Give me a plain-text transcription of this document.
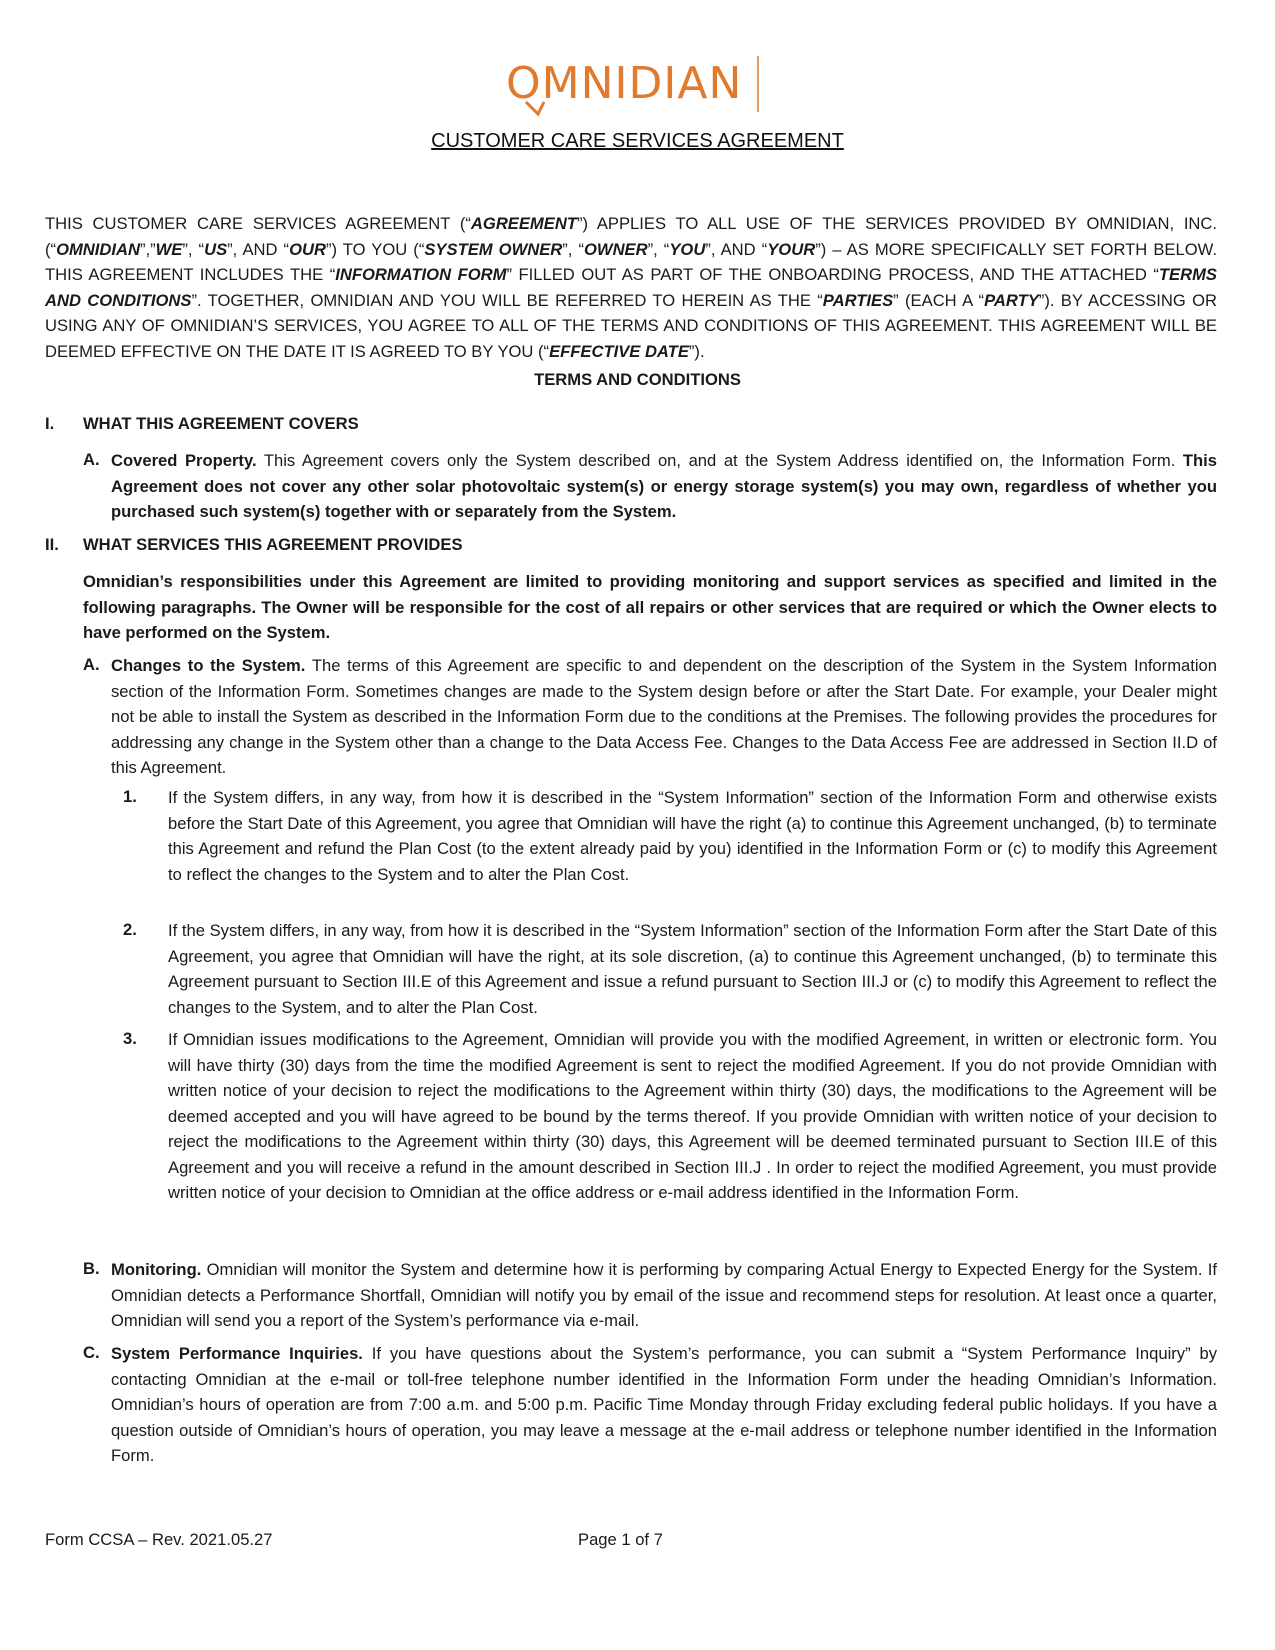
OMNIDIAN
CUSTOMER CARE SERVICES AGREEMENT
THIS CUSTOMER CARE SERVICES AGREEMENT (“AGREEMENT”) APPLIES TO ALL USE OF THE SERVICES PROVIDED BY OMNIDIAN, INC. (“OMNIDIAN”,”WE”, “US”, AND “OUR”) TO YOU (“SYSTEM OWNER”, “OWNER”, “YOU”, AND “YOUR”) – AS MORE SPECIFICALLY SET FORTH BELOW. THIS AGREEMENT INCLUDES THE “INFORMATION FORM” FILLED OUT AS PART OF THE ONBOARDING PROCESS, AND THE ATTACHED “TERMS AND CONDITIONS”. TOGETHER, OMNIDIAN AND YOU WILL BE REFERRED TO HEREIN AS THE “PARTIES” (EACH A “PARTY”). BY ACCESSING OR USING ANY OF OMNIDIAN’S SERVICES, YOU AGREE TO ALL OF THE TERMS AND CONDITIONS OF THIS AGREEMENT. THIS AGREEMENT WILL BE DEEMED EFFECTIVE ON THE DATE IT IS AGREED TO BY YOU (“EFFECTIVE DATE”).
TERMS AND CONDITIONS
I. WHAT THIS AGREEMENT COVERS
A. Covered Property. This Agreement covers only the System described on, and at the System Address identified on, the Information Form. This Agreement does not cover any other solar photovoltaic system(s) or energy storage system(s) you may own, regardless of whether you purchased such system(s) together with or separately from the System.
II. WHAT SERVICES THIS AGREEMENT PROVIDES
Omnidian’s responsibilities under this Agreement are limited to providing monitoring and support services as specified and limited in the following paragraphs. The Owner will be responsible for the cost of all repairs or other services that are required or which the Owner elects to have performed on the System.
A. Changes to the System. The terms of this Agreement are specific to and dependent on the description of the System in the System Information section of the Information Form. Sometimes changes are made to the System design before or after the Start Date. For example, your Dealer might not be able to install the System as described in the Information Form due to the conditions at the Premises. The following provides the procedures for addressing any change in the System other than a change to the Data Access Fee. Changes to the Data Access Fee are addressed in Section II.D of this Agreement.
1. If the System differs, in any way, from how it is described in the “System Information” section of the Information Form and otherwise exists before the Start Date of this Agreement, you agree that Omnidian will have the right (a) to continue this Agreement unchanged, (b) to terminate this Agreement and refund the Plan Cost (to the extent already paid by you) identified in the Information Form or (c) to modify this Agreement to reflect the changes to the System and to alter the Plan Cost.
2. If the System differs, in any way, from how it is described in the “System Information” section of the Information Form after the Start Date of this Agreement, you agree that Omnidian will have the right, at its sole discretion, (a) to continue this Agreement unchanged, (b) to terminate this Agreement pursuant to Section III.E of this Agreement and issue a refund pursuant to Section III.J or (c) to modify this Agreement to reflect the changes to the System, and to alter the Plan Cost.
3. If Omnidian issues modifications to the Agreement, Omnidian will provide you with the modified Agreement, in written or electronic form. You will have thirty (30) days from the time the modified Agreement is sent to reject the modified Agreement. If you do not provide Omnidian with written notice of your decision to reject the modifications to the Agreement within thirty (30) days, the modifications to the Agreement will be deemed accepted and you will have agreed to be bound by the terms thereof. If you provide Omnidian with written notice of your decision to reject the modifications to the Agreement within thirty (30) days, this Agreement will be deemed terminated pursuant to Section III.E of this Agreement and you will receive a refund in the amount described in Section III.J . In order to reject the modified Agreement, you must provide written notice of your decision to Omnidian at the office address or e-mail address identified in the Information Form.
B. Monitoring. Omnidian will monitor the System and determine how it is performing by comparing Actual Energy to Expected Energy for the System. If Omnidian detects a Performance Shortfall, Omnidian will notify you by email of the issue and recommend steps for resolution. At least once a quarter, Omnidian will send you a report of the System’s performance via e-mail.
C. System Performance Inquiries. If you have questions about the System’s performance, you can submit a “System Performance Inquiry” by contacting Omnidian at the e-mail or toll-free telephone number identified in the Information Form under the heading Omnidian’s Information. Omnidian’s hours of operation are from 7:00 a.m. and 5:00 p.m. Pacific Time Monday through Friday excluding federal public holidays. If you have a question outside of Omnidian’s hours of operation, you may leave a message at the e-mail address or telephone number identified in the Information Form.
Form CCSA – Rev. 2021.05.27	Page 1 of 7
